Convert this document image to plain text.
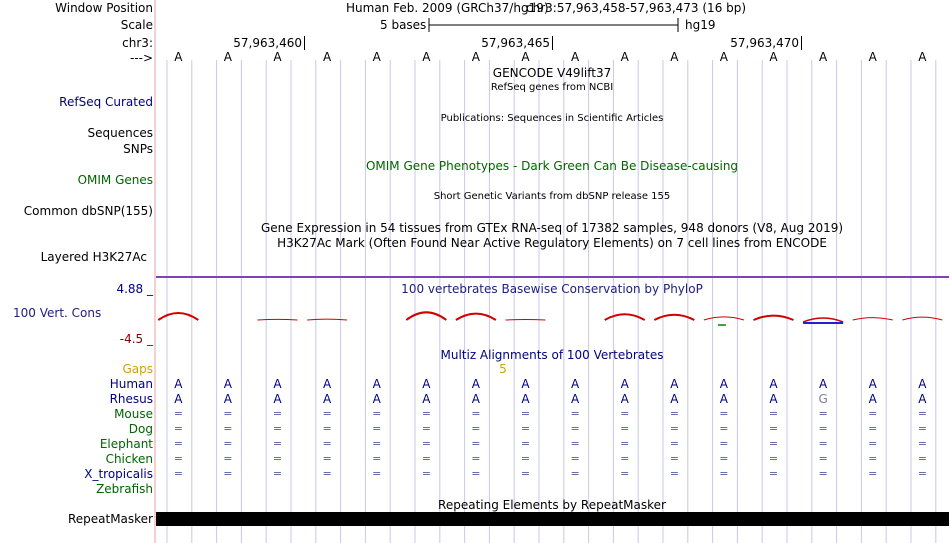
Window Position	Human Feb. 2009 (GRCh37/hg19)
chr3:57,963,458-57,963,473 (16 bp)
Scale	5 bases	hg19
chr3:	57,963,460	57,963,465	57,963,470
--->
GENCODE V49lift37
RefSeq genes from NCBI
RefSeq Curated
Publications: Sequences in Scientific Articles
Sequences
SNPs
OMIM Gene Phenotypes - Dark Green Can Be Disease-causing
OMIM Genes
Short Genetic Variants from dbSNP release 155
Common dbSNP(155)
Gene Expression in 54 tissues from GTEx RNA-seq of 17382 samples, 948 donors (V8, Aug 2019)
H3K27Ac Mark (Often Found Near Active Regulatory Elements) on 7 cell lines from ENCODE
Layered H3K27Ac
4.88 _	100 vertebrates Basewise Conservation by PhyloP
100 Vert. Cons
-4.5 _
Multiz Alignments of 100 Vertebrates
Gaps	5
Repeating Elements by RepeatMasker
RepeatMasker
A	A	A	A	A	A	A	A	A	A	A	A	A	A	A	A
Human A	A	A	A	A	A	A	A	A	A	A	A	A	A	A	A
Rhesus A	A	A	A	A	A	A	A	A	A	A	A	A	G	A	A
Mouse =	=	=	=	=	=	=	=	=	=	=	=	=	=	=	=
Dog =	=	=	=	=	=	=	=	=	=	=	=	=	=	=	=
Elephant =	=	=	=	=	=	=	=	=	=	=	=	=	=	=	=
Chicken =	=	=	=	=	=	=	=	=	=	=	=	=	=	=	=
X_tropicalis =	=	=	=	=	=	=	=	=	=	=	=	=	=	=	=
Zebrafish
